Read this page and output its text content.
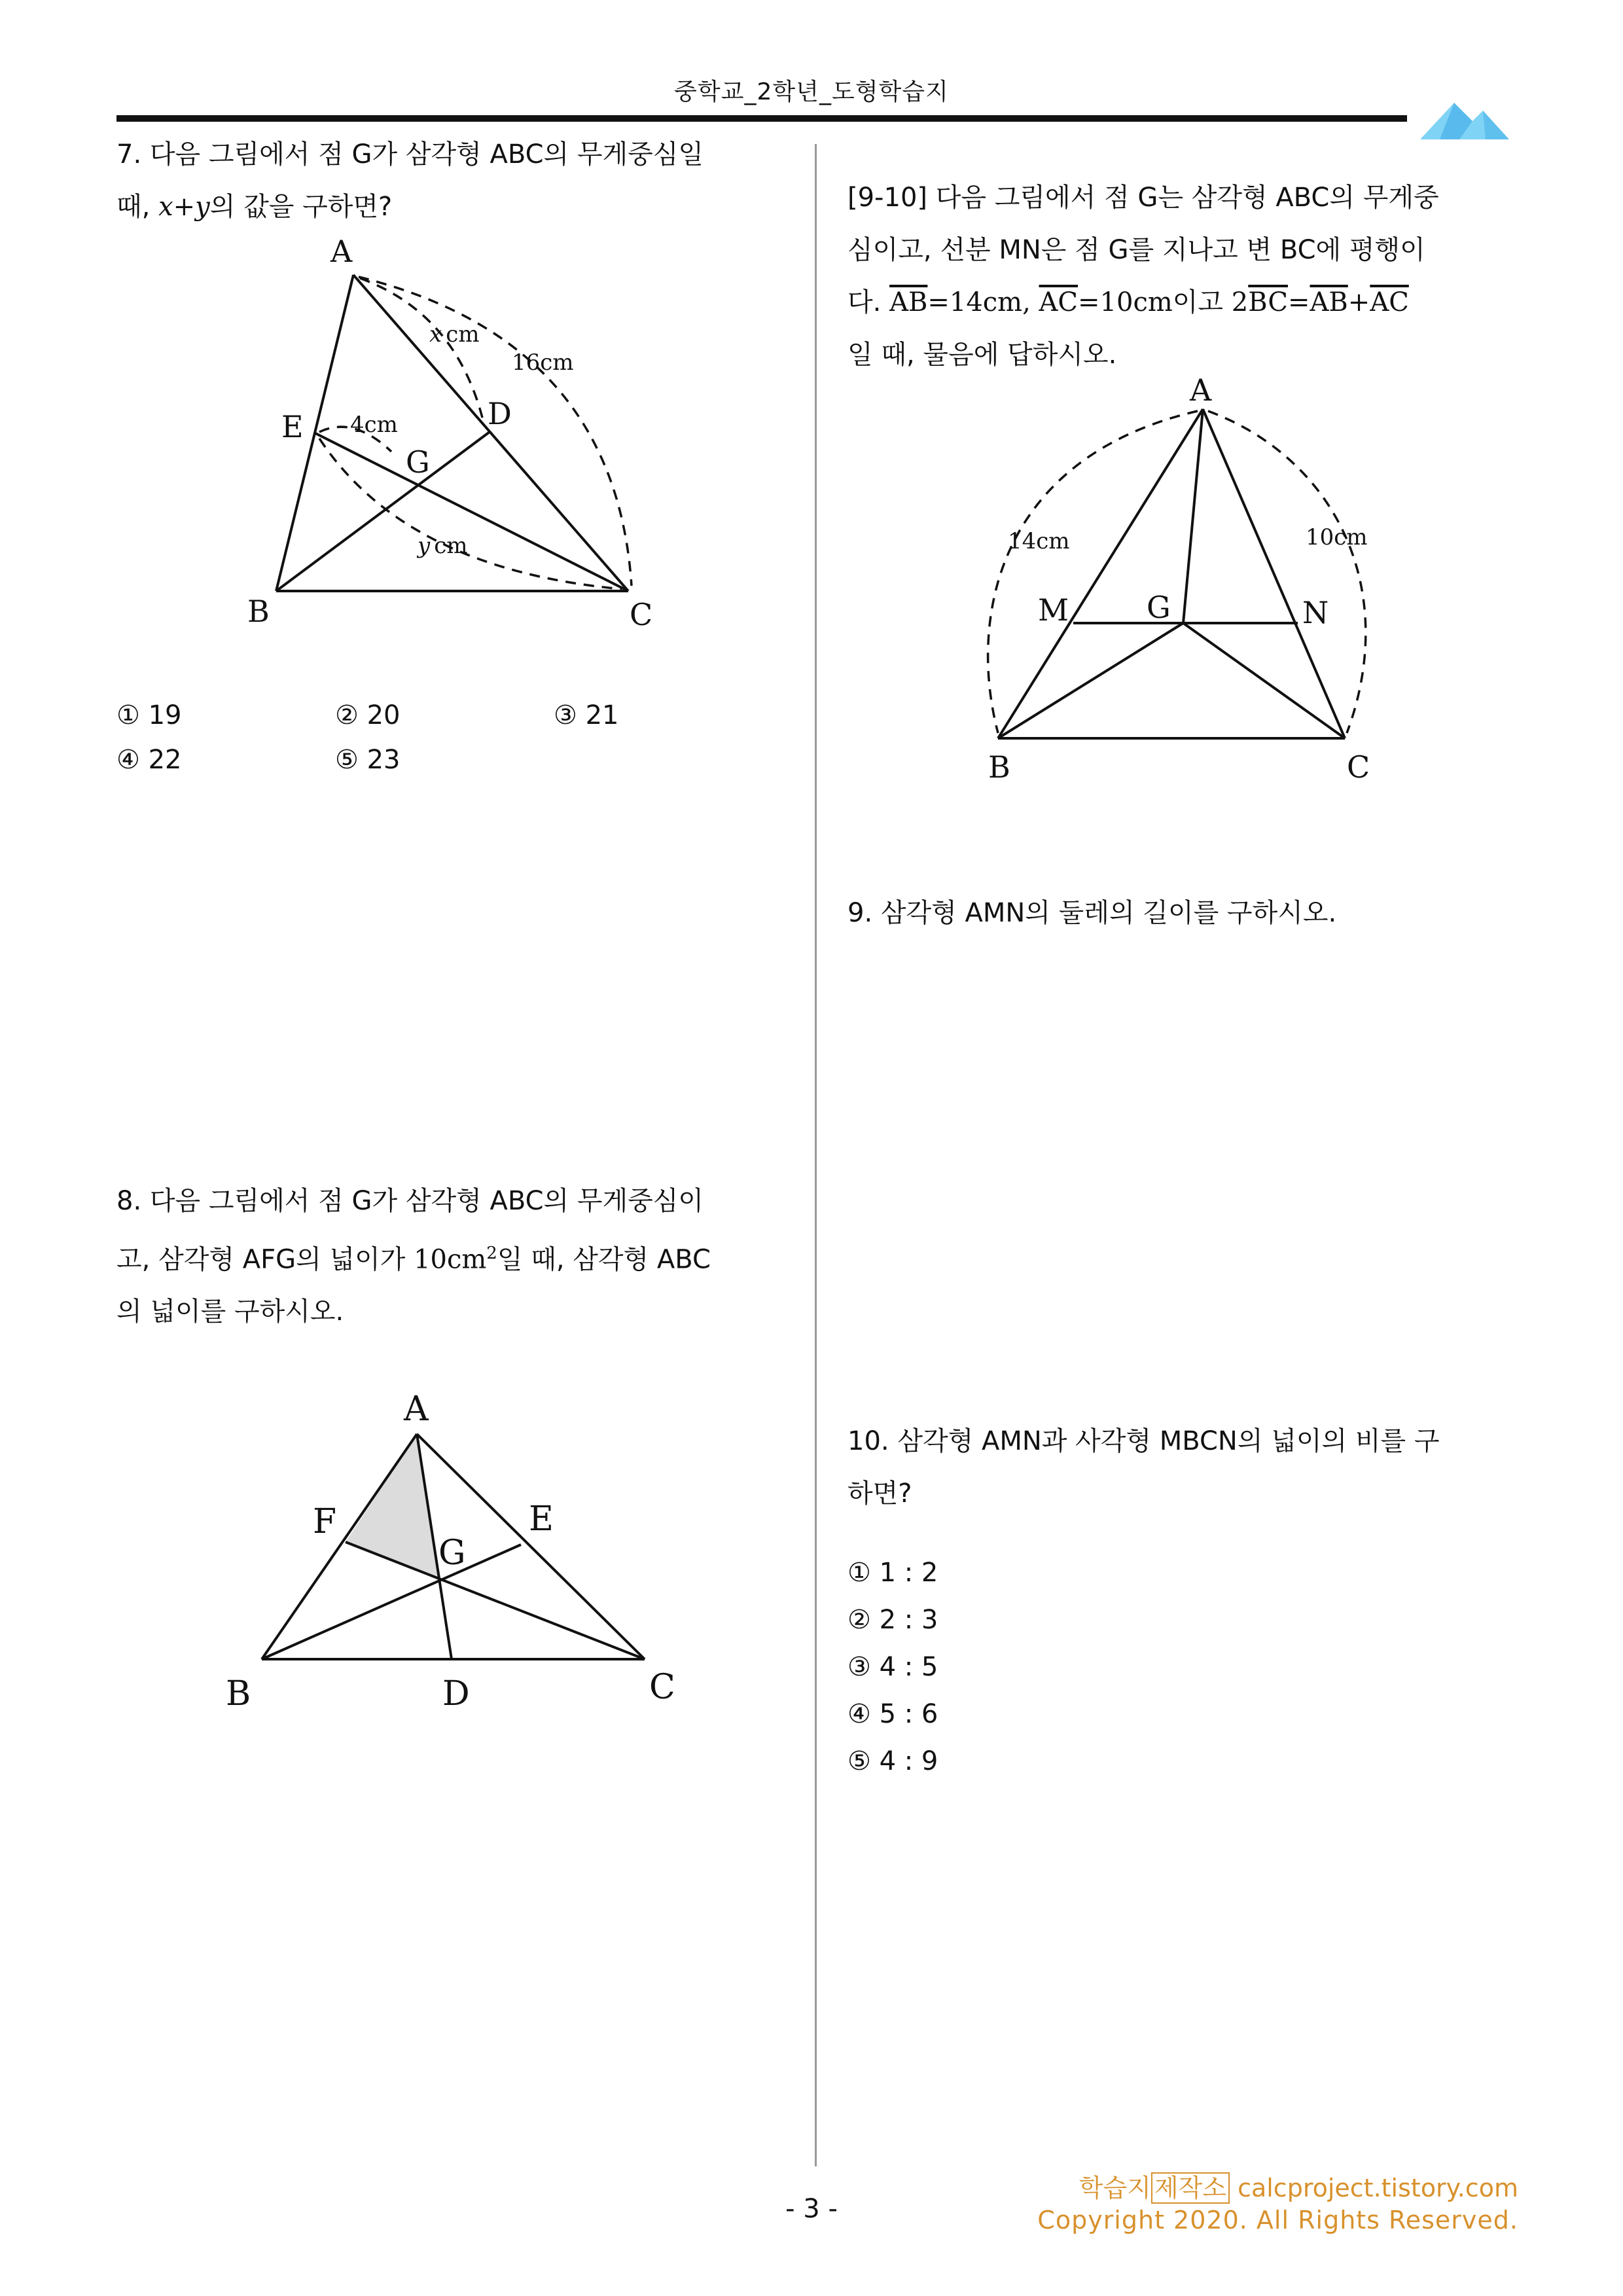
중학교_2학년_도형학습지
7. 다음 그림에서 점 G가 삼각형 ABC의 무게중심일
때, x+y의 값을 구하면?
A
B	C
D
E
G
x cm
16cm
4cm
y cm
① 19	② 20	③ 21
④ 22	⑤ 23
8. 다음 그림에서 점 G가 삼각형 ABC의 무게중심이
고, 삼각형 AFG의 넓이가 $10cm^2$일 때, 삼각형 ABC
의 넓이를 구하시오.
A
B	C
D
E
F
G
[9-10] 다음 그림에서 점 G는 삼각형 ABC의 무게중
심이고, 선분 MN은 점 G를 지나고 변 BC에 평행이
다. $\overline{AB}=14cm$, $\overline{AC}=10cm$이고 $2\overline{BC}=\overline{AB}+\overline{AC}$
일 때, 물음에 답하시오.
A
B	C
M	N
G
14cm	10cm
9. 삼각형 AMN의 둘레의 길이를 구하시오.
10. 삼각형 AMN과 사각형 MBCN의 넓이의 비를 구
하면?
① 1 : 2
② 2 : 3
③ 4 : 5
④ 5 : 6
⑤ 4 : 9
학습지 제작소 calcproject.tistory.com
Copyright 2020. All Rights Reserved.
- 3 -
